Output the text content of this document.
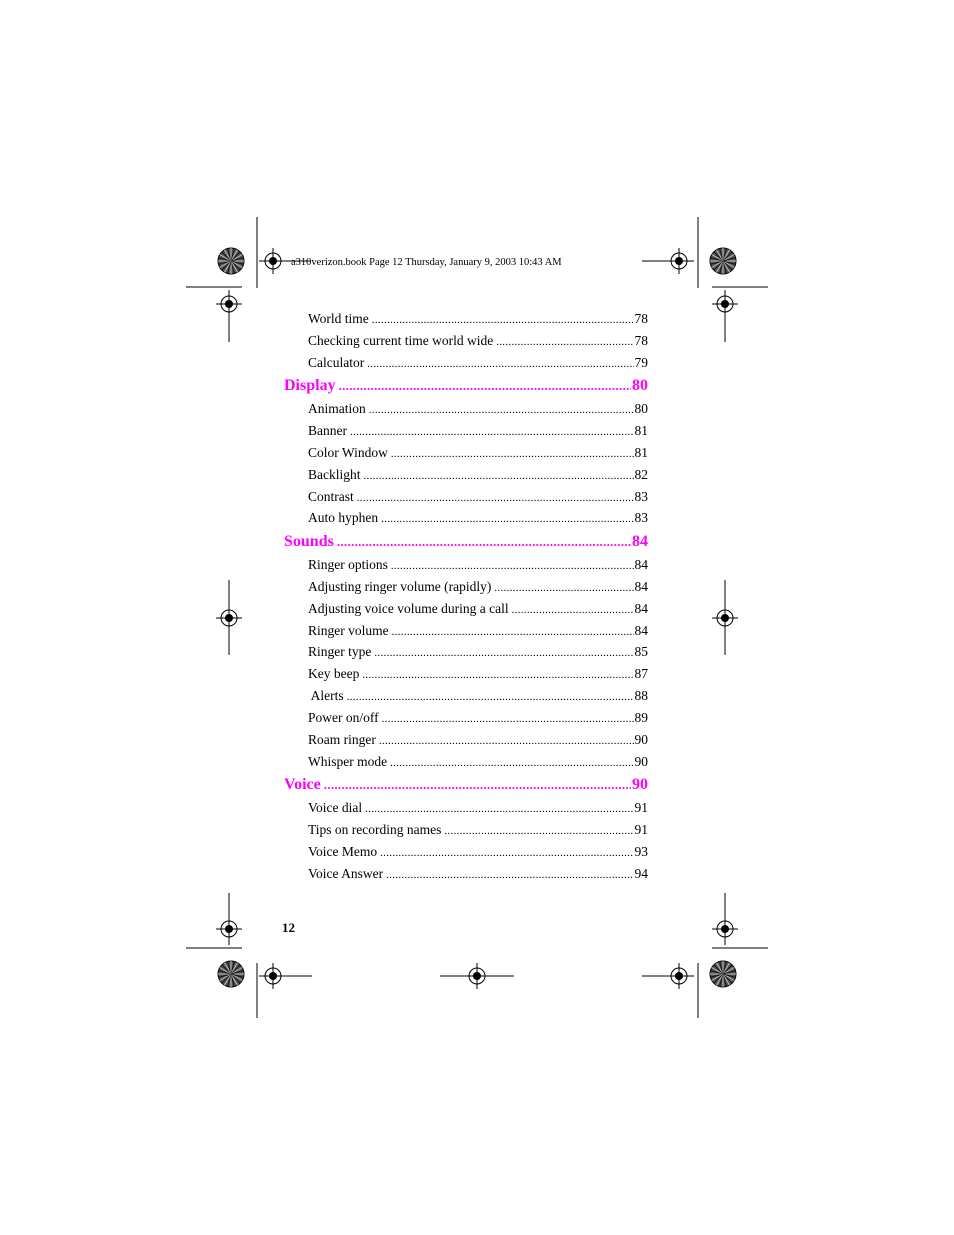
a310verizon.book Page 12 Thursday, January 9, 2003 10:43 AM
World time .....	78
Checking current time world wide .....	78
Calculator .....	79
Display .....	80
Animation .....	80
Banner .....	81
Color Window .....	81
Backlight .....	82
Contrast .....	83
Auto hyphen .....	83
Sounds .....	84
Ringer options .....	84
Adjusting ringer volume (rapidly) .....	84
Adjusting voice volume during a call .....	84
Ringer volume .....	84
Ringer type .....	85
Key beep .....	87
Alerts .....	88
Power on/off .....	89
Roam ringer .....	90
Whisper mode .....	90
Voice .....	90
Voice dial .....	91
Tips on recording names .....	91
Voice Memo .....	93
Voice Answer .....	94
12
